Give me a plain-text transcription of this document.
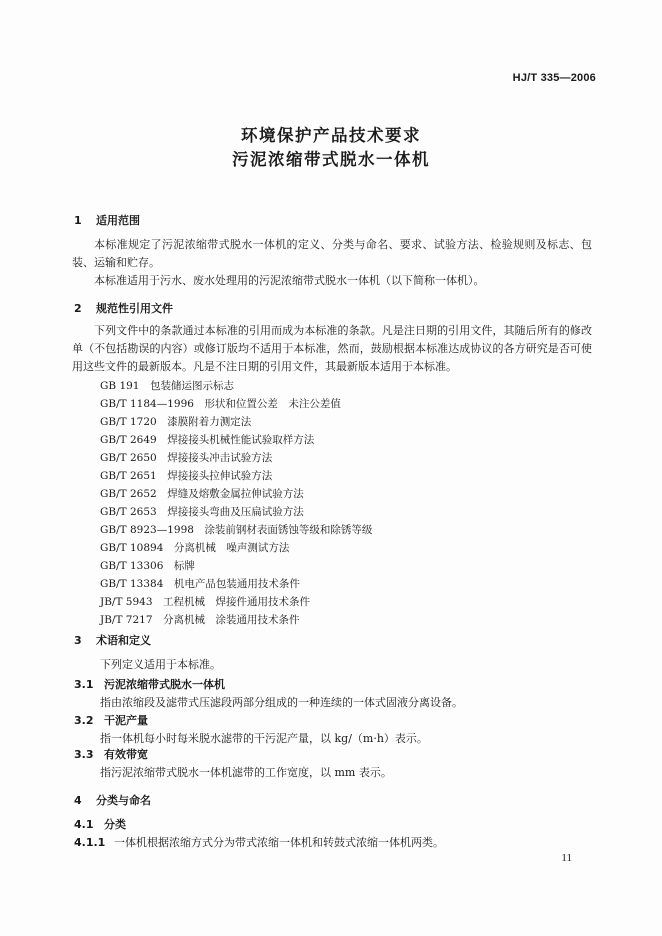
HJ/T 335—2006
环境保护产品技术要求
污泥浓缩带式脱水一体机
1 适用范围

本标准规定了污泥浓缩带式脱水一体机的定义、分类与命名、要求、试验方法、检验规则及标志、包装、运输和贮存。

本标准适用于污水、废水处理用的污泥浓缩带式脱水一体机（以下简称一体机）。

2 规范性引用文件

下列文件中的条款通过本标准的引用而成为本标准的条款。凡是注日期的引用文件，其随后所有的修改单（不包括勘误的内容）或修订版均不适用于本标准，然而，鼓励根据本标准达成协议的各方研究是否可使用这些文件的最新版本。凡是不注日期的引用文件，其最新版本适用于本标准。

GB 191　 包装储运图示标志
GB/T 1184—1996　 形状和位置公差　未注公差值
GB/T 1720　 漆膜附着力测定法
GB/T 2649　 焊接接头机械性能试验取样方法
GB/T 2650　 焊接接头冲击试验方法
GB/T 2651　 焊接接头拉伸试验方法
GB/T 2652　 焊缝及熔敷金属拉伸试验方法
GB/T 2653　 焊接接头弯曲及压扁试验方法
GB/T 8923—1998　 涂装前钢材表面锈蚀等级和除锈等级
GB/T 10894　 分离机械　噪声测试方法
GB/T 13306　 标牌
GB/T 13384　 机电产品包装通用技术条件
JB/T 5943　 工程机械　焊接件通用技术条件
JB/T 7217　 分离机械　涂装通用技术条件
3 术语和定义
下列定义适用于本标准。
3.1 污泥浓缩带式脱水一体机
指由浓缩段及滤带式压滤段两部分组成的一种连续的一体式固液分离设备。
3.2 干泥产量
指一体机每小时每米脱水滤带的干污泥产量，以 kg/（m·h）表示。
3.3 有效带宽
指污泥浓缩带式脱水一体机滤带的工作宽度，以 mm 表示。
4 分类与命名
4.1 分类
4.1.1 一体机根据浓缩方式分为带式浓缩一体机和转鼓式浓缩一体机两类。
11
